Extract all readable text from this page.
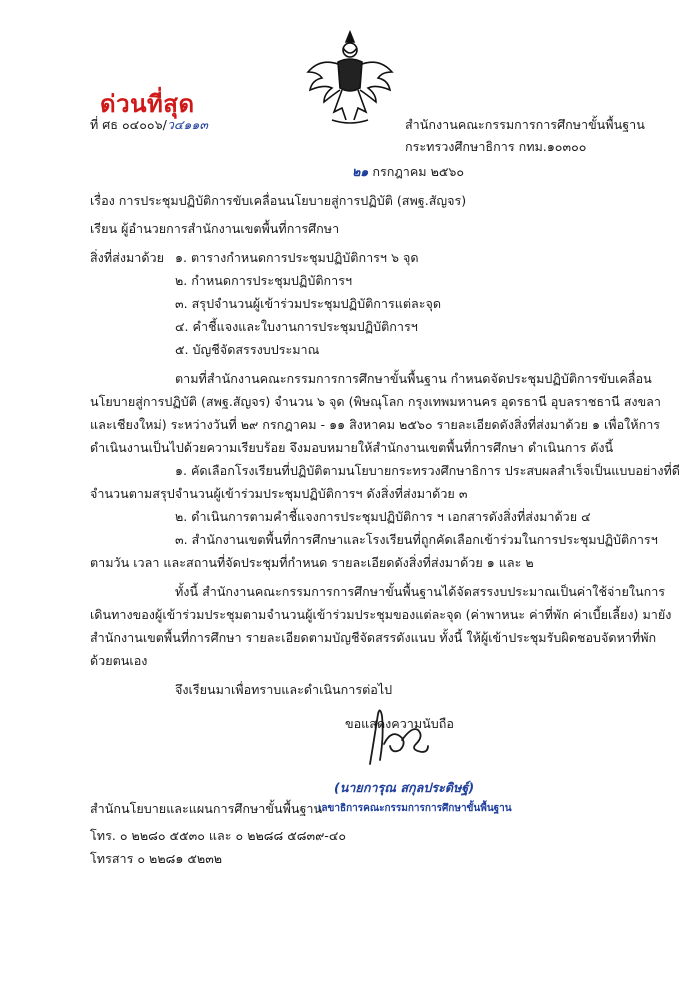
ด่วนที่สุด
ที่ ศธ ๐๔๐๐๖/ว๔๑๑๓	สำนักงานคณะกรรมการการศึกษาขั้นพื้นฐาน
กระทรวงศึกษาธิการ กทม.๑๐๓๐๐
๒๑ กรกฎาคม ๒๕๖๐
เรื่อง การประชุมปฏิบัติการขับเคลื่อนนโยบายสู่การปฏิบัติ (สพฐ.สัญจร)
เรียน ผู้อำนวยการสำนักงานเขตพื้นที่การศึกษา
สิ่งที่ส่งมาด้วย ๑. ตารางกำหนดการประชุมปฏิบัติการฯ ๖ จุด
๒. กำหนดการประชุมปฏิบัติการฯ
๓. สรุปจำนวนผู้เข้าร่วมประชุมปฏิบัติการแต่ละจุด
๔. คำชี้แจงและใบงานการประชุมปฏิบัติการฯ
๕. บัญชีจัดสรรงบประมาณ
ตามที่สำนักงานคณะกรรมการการศึกษาขั้นพื้นฐาน กำหนดจัดประชุมปฏิบัติการขับเคลื่อน
นโยบายสู่การปฏิบัติ (สพฐ.สัญจร) จำนวน ๖ จุด (พิษณุโลก กรุงเทพมหานคร อุดรธานี อุบลราชธานี สงขลา
และเชียงใหม่) ระหว่างวันที่ ๒๙ กรกฎาคม - ๑๑ สิงหาคม ๒๕๖๐ รายละเอียดดังสิ่งที่ส่งมาด้วย ๑ เพื่อให้การ
ดำเนินงานเป็นไปด้วยความเรียบร้อย จึงมอบหมายให้สำนักงานเขตพื้นที่การศึกษา ดำเนินการ ดังนี้
๑. คัดเลือกโรงเรียนที่ปฏิบัติตามนโยบายกระทรวงศึกษาธิการ ประสบผลสำเร็จเป็นแบบอย่างที่ดี
จำนวนตามสรุปจำนวนผู้เข้าร่วมประชุมปฏิบัติการฯ ดังสิ่งที่ส่งมาด้วย ๓
๒. ดำเนินการตามคำชี้แจงการประชุมปฏิบัติการ ฯ เอกสารดังสิ่งที่ส่งมาด้วย ๔
๓. สำนักงานเขตพื้นที่การศึกษาและโรงเรียนที่ถูกคัดเลือกเข้าร่วมในการประชุมปฏิบัติการฯ
ตามวัน เวลา และสถานที่จัดประชุมที่กำหนด รายละเอียดดังสิ่งที่ส่งมาด้วย ๑ และ ๒
ทั้งนี้ สำนักงานคณะกรรมการการศึกษาขั้นพื้นฐานได้จัดสรรงบประมาณเป็นค่าใช้จ่ายในการ
เดินทางของผู้เข้าร่วมประชุมตามจำนวนผู้เข้าร่วมประชุมของแต่ละจุด (ค่าพาหนะ ค่าที่พัก ค่าเบี้ยเลี้ยง) มายัง
สำนักงานเขตพื้นที่การศึกษา รายละเอียดตามบัญชีจัดสรรดังแนบ ทั้งนี้ ให้ผู้เข้าประชุมรับผิดชอบจัดหาที่พัก
ด้วยตนเอง
จึงเรียนมาเพื่อทราบและดำเนินการต่อไป
ขอแสดงความนับถือ
(นายการุณ สกุลประดิษฐ์)
เลขาธิการคณะกรรมการการศึกษาขั้นพื้นฐาน
สำนักนโยบายและแผนการศึกษาขั้นพื้นฐาน
โทร. ๐ ๒๒๘๐ ๕๕๓๐ และ ๐ ๒๒๘๘ ๕๘๓๙-๔๐
โทรสาร ๐ ๒๒๘๑ ๕๒๓๒
